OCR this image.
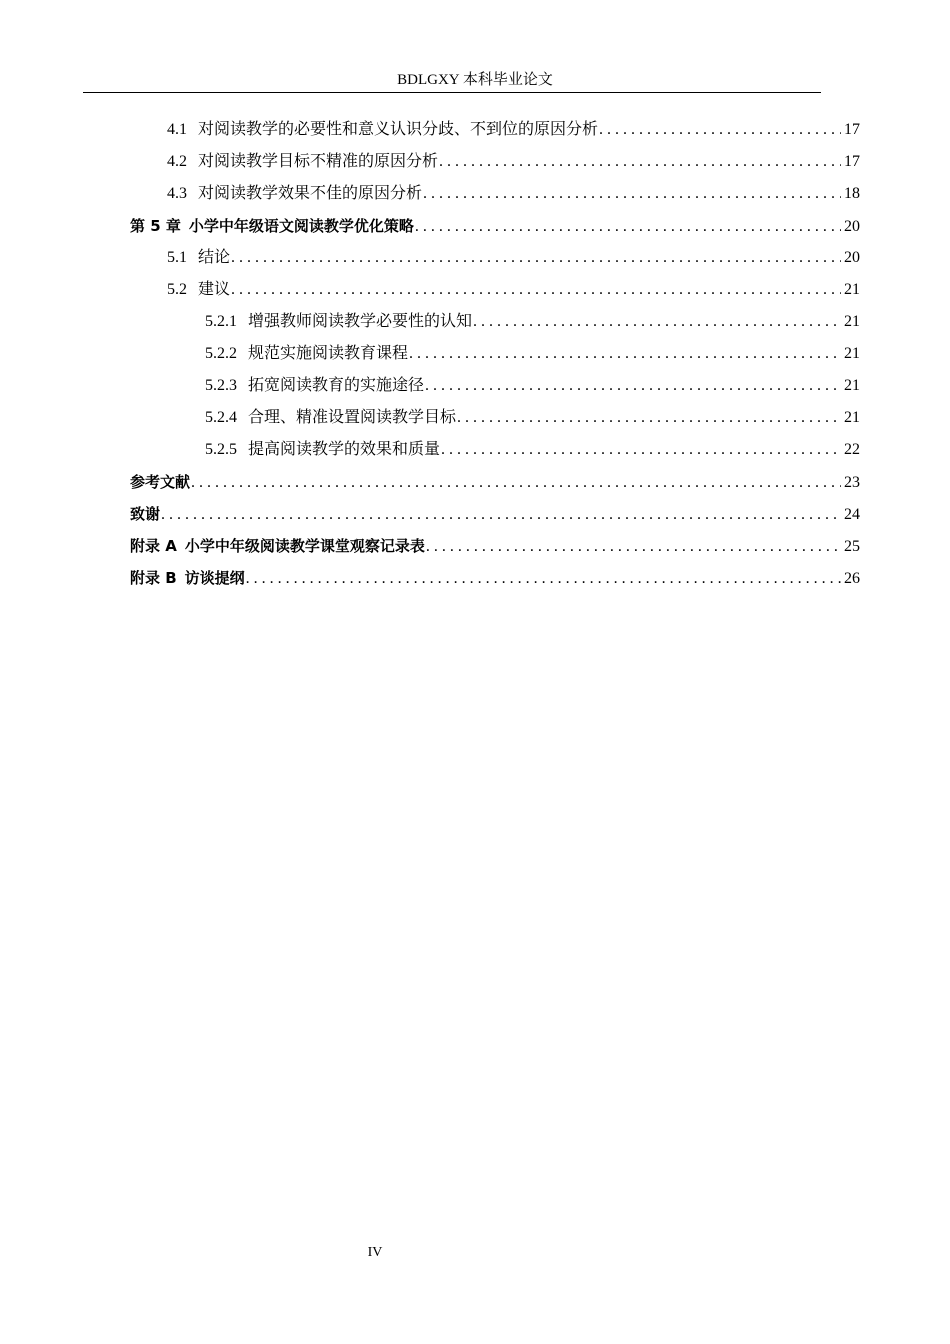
BDLGXY 本科毕业论文
4.1 对阅读教学的必要性和意义认识分歧、不到位的原因分析 . . .	17
4.2 对阅读教学目标不精准的原因分析 . . .	17
4.3 对阅读教学效果不佳的原因分析 . . .	18
第 5 章 小学中年级语文阅读教学优化策略 . . .	20
5.1 结论 . . .	20
5.2 建议 . . .	21
5.2.1 增强教师阅读教学必要性的认知 . . .	21
5.2.2 规范实施阅读教育课程 . . .	21
5.2.3 拓宽阅读教育的实施途径 . . .	21
5.2.4 合理、精准设置阅读教学目标 . . .	21
5.2.5 提高阅读教学的效果和质量 . . .	22
参考文献 . . .	23
致谢 . . .	24
附录 A 小学中年级阅读教学课堂观察记录表 . . .	25
附录 B 访谈提纲 . . .	26
IV
